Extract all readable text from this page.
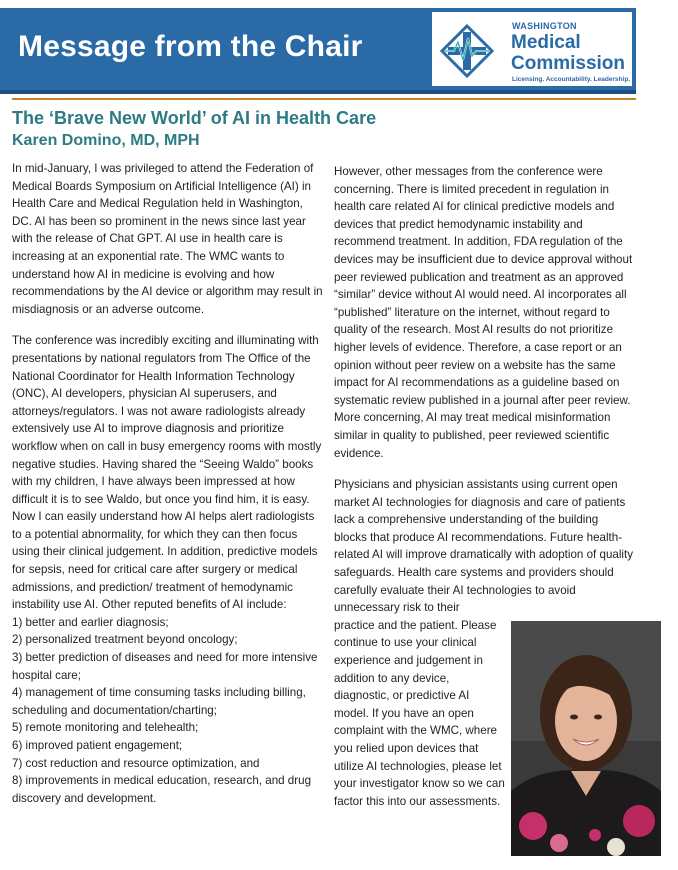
Message from the Chair
WASHINGTON
Medical
Commission
Licensing. Accountability. Leadership.
The ‘Brave New World’ of AI in Health Care
Karen Domino, MD, MPH

In mid-January, I was privileged to attend the Federation of Medical Boards Symposium on Artificial Intelligence (AI) in Health Care and Medical Regulation held in Washington, DC. AI has been so prominent in the news since last year with the release of Chat GPT. AI use in health care is increasing at an exponential rate. The WMC wants to understand how AI in medicine is evolving and how recommendations by the AI device or algorithm may result in misdiagnosis or an adverse outcome.

The conference was incredibly exciting and illuminating with presentations by national regulators from The Office of the National Coordinator for Health Information Technology (ONC), AI developers, physician AI superusers, and attorneys/regulators. I was not aware radiologists already extensively use AI to improve diagnosis and prioritize workflow when on call in busy emergency rooms with mostly negative studies. Having shared the “Seeing Waldo” books with my children, I have always been impressed at how difficult it is to see Waldo, but once you find him, it is easy. Now I can easily understand how AI helps alert radiologists to a potential abnormality, for which they can then focus using their clinical judgement. In addition, predictive models for sepsis, need for critical care after surgery or medical admissions, and prediction/ treatment of hemodynamic instability use AI. Other reputed benefits of AI include:

1) better and earlier diagnosis;
2) personalized treatment beyond oncology;
3) better prediction of diseases and need for more intensive hospital care;
4) management of time consuming tasks including billing, scheduling and documentation/charting;
5) remote monitoring and telehealth;
6) improved patient engagement;
7) cost reduction and resource optimization, and
8) improvements in medical education, research, and drug discovery and development.

However, other messages from the conference were concerning. There is limited precedent in regulation in health care related AI for clinical predictive models and devices that predict hemodynamic instability and recommend treatment. In addition, FDA regulation of the devices may be insufficient due to device approval without peer reviewed publication and treatment as an approved “similar” device without AI would need. AI incorporates all “published” literature on the internet, without regard to quality of the research. Most AI results do not prioritize higher levels of evidence. Therefore, a case report or an opinion without peer review on a website has the same impact for AI recommendations as a guideline based on systematic review published in a journal after peer review. More concerning, AI may treat medical misinformation similar in quality to published, peer reviewed scientific evidence.

Physicians and physician assistants using current open market AI technologies for diagnosis and care of patients lack a comprehensive understanding of the building blocks that produce AI recommendations. Future health-related AI will improve dramatically with adoption of quality safeguards. Health care systems and providers should carefully evaluate their AI technologies to avoid unnecessary risk to their

practice and the patient. Please continue to use your clinical experience and judgement in addition to any device, diagnostic, or predictive AI model. If you have an open complaint with the WMC, where you relied upon devices that utilize AI technologies, please let your investigator know so we can factor this into our assessments.
